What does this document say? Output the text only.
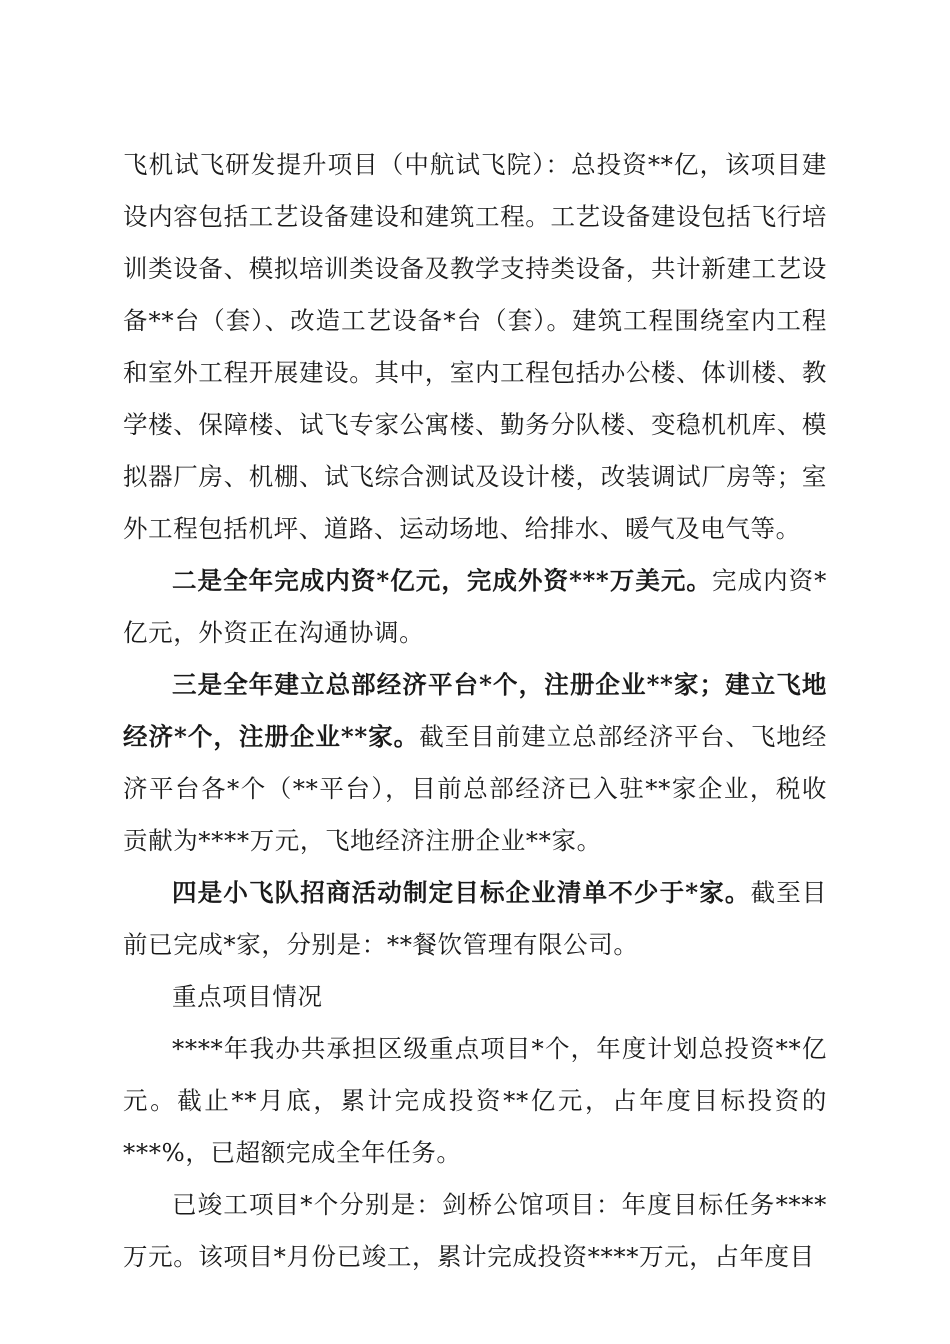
飞机试飞研发提升项目（中航试飞院）：总投资**亿，该项目建设内容包括工艺设备建设和建筑工程。工艺设备建设包括飞行培训类设备、模拟培训类设备及教学支持类设备，共计新建工艺设备**台（套）、改造工艺设备*台（套）。建筑工程围绕室内工程和室外工程开展建设。其中，室内工程包括办公楼、体训楼、教学楼、保障楼、试飞专家公寓楼、勤务分队楼、变稳机机库、模拟器厂房、机棚、试飞综合测试及设计楼，改装调试厂房等；室外工程包括机坪、道路、运动场地、给排水、暖气及电气等。

二是全年完成内资*亿元，完成外资***万美元。完成内资*亿元，外资正在沟通协调。

三是全年建立总部经济平台*个，注册企业**家；建立飞地经济*个，注册企业**家。截至目前建立总部经济平台、飞地经济平台各*个（**平台），目前总部经济已入驻**家企业，税收贡献为****万元，飞地经济注册企业**家。

四是小飞队招商活动制定目标企业清单不少于*家。截至目前已完成*家，分别是：**餐饮管理有限公司。

重点项目情况

****年我办共承担区级重点项目*个，年度计划总投资**亿元。截止**月底，累计完成投资**亿元，占年度目标投资的***%，已超额完成全年任务。

已竣工项目*个分别是：剑桥公馆项目：年度目标任务****万元。该项目*月份已竣工，累计完成投资****万元，占年度目
